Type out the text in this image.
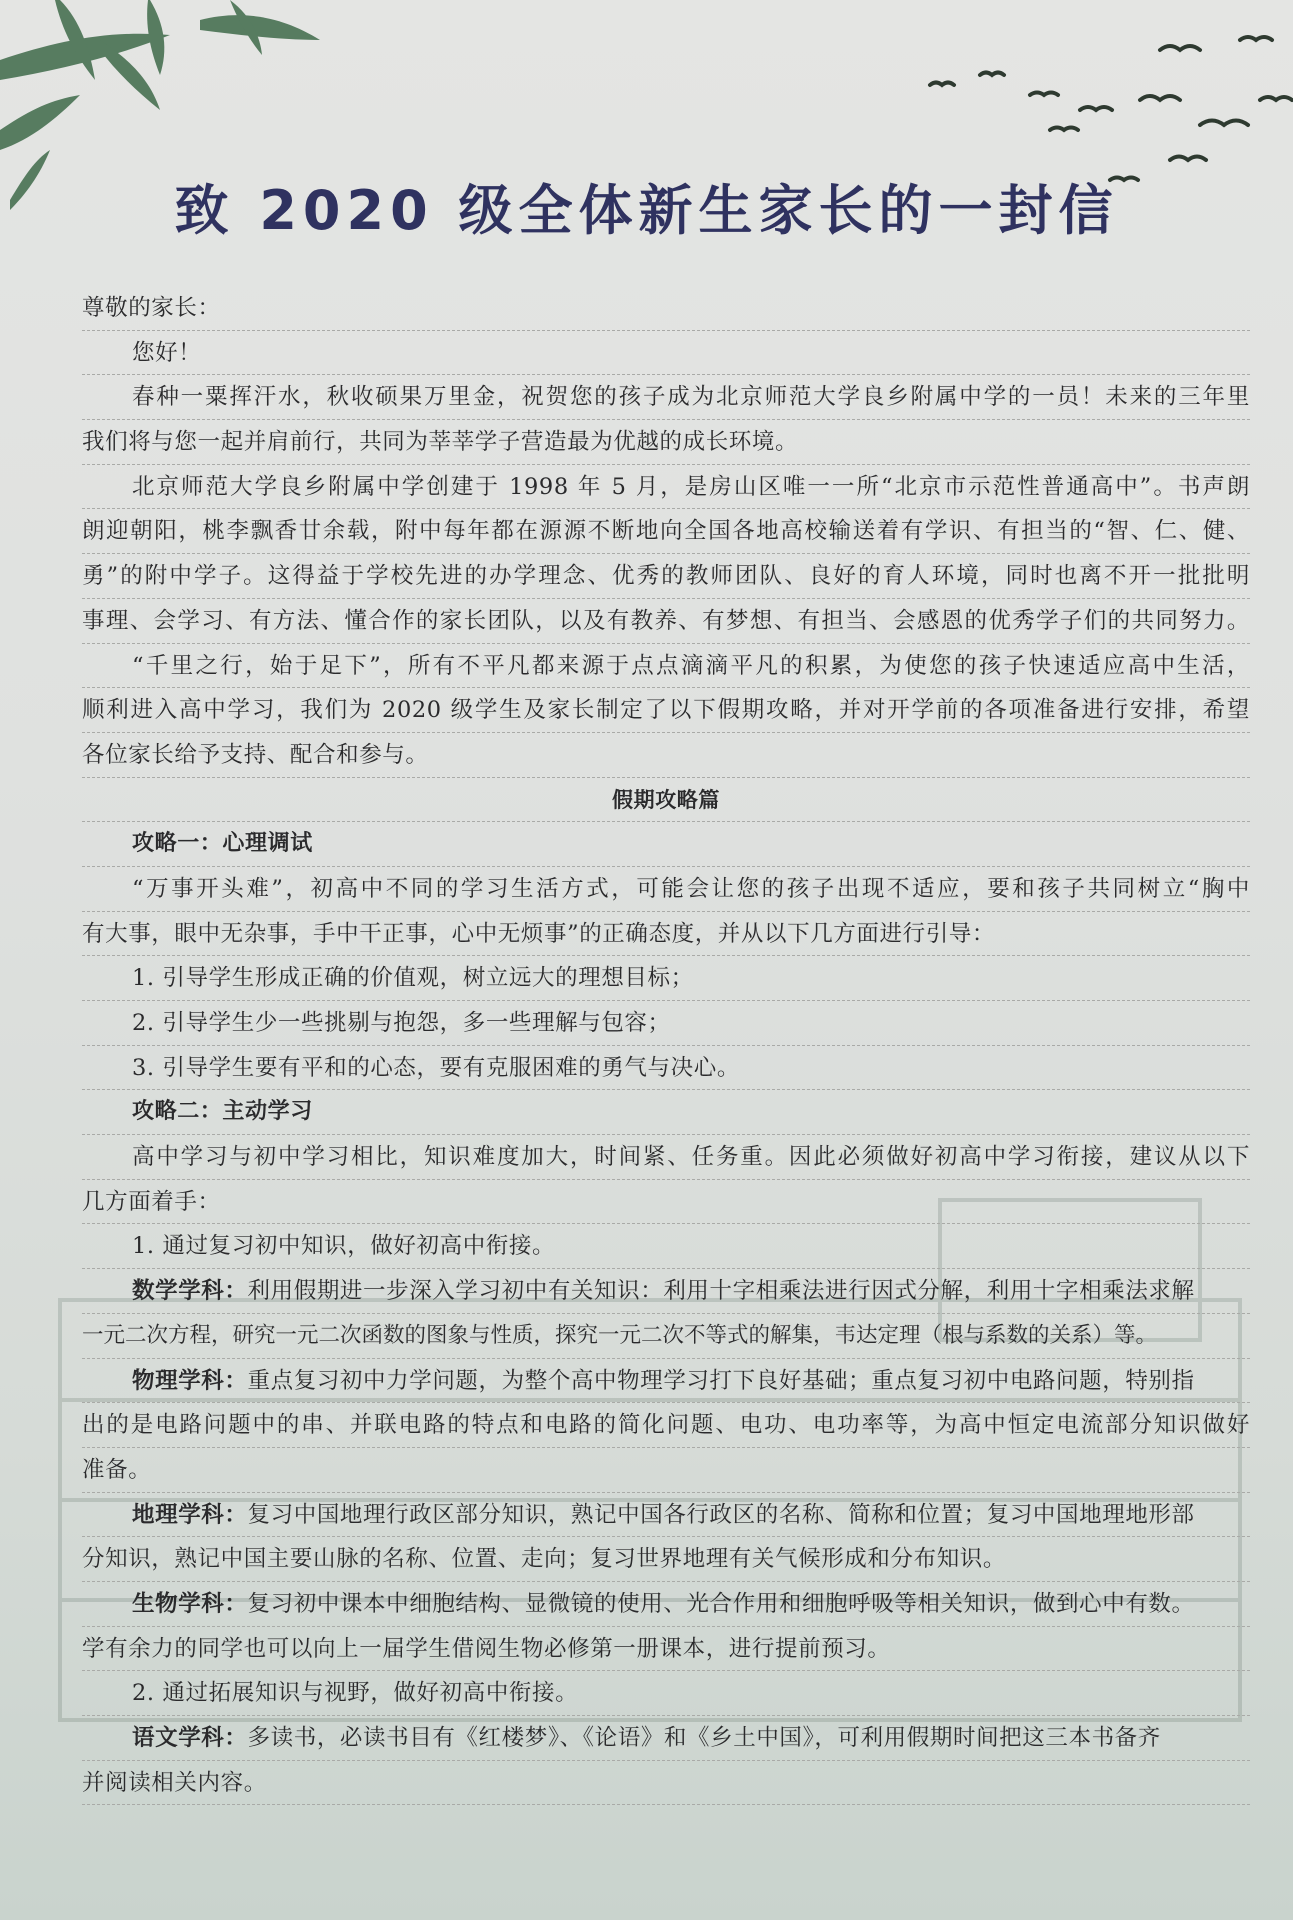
致 2020 级全体新生家长的一封信
尊敬的家长：
您好！
春种一粟挥汗水，秋收硕果万里金，祝贺您的孩子成为北京师范大学良乡附属中学的一员！未来的三年里
我们将与您一起并肩前行，共同为莘莘学子营造最为优越的成长环境。
北京师范大学良乡附属中学创建于 1998 年 5 月，是房山区唯一一所“北京市示范性普通高中”。书声朗
朗迎朝阳，桃李飘香廿余载，附中每年都在源源不断地向全国各地高校输送着有学识、有担当的“智、仁、健、
勇”的附中学子。这得益于学校先进的办学理念、优秀的教师团队、良好的育人环境，同时也离不开一批批明
事理、会学习、有方法、懂合作的家长团队，以及有教养、有梦想、有担当、会感恩的优秀学子们的共同努力。
“千里之行，始于足下”，所有不平凡都来源于点点滴滴平凡的积累，为使您的孩子快速适应高中生活，
顺利进入高中学习，我们为 2020 级学生及家长制定了以下假期攻略，并对开学前的各项准备进行安排，希望
各位家长给予支持、配合和参与。
假期攻略篇
攻略一：心理调试
“万事开头难”，初高中不同的学习生活方式，可能会让您的孩子出现不适应，要和孩子共同树立“胸中
有大事，眼中无杂事，手中干正事，心中无烦事”的正确态度，并从以下几方面进行引导：
1. 引导学生形成正确的价值观，树立远大的理想目标；
2. 引导学生少一些挑剔与抱怨，多一些理解与包容；
3. 引导学生要有平和的心态，要有克服困难的勇气与决心。
攻略二：主动学习
高中学习与初中学习相比，知识难度加大，时间紧、任务重。因此必须做好初高中学习衔接，建议从以下
几方面着手：
1. 通过复习初中知识，做好初高中衔接。
数学学科：利用假期进一步深入学习初中有关知识：利用十字相乘法进行因式分解，利用十字相乘法求解
一元二次方程，研究一元二次函数的图象与性质，探究一元二次不等式的解集，韦达定理（根与系数的关系）等。
物理学科：重点复习初中力学问题，为整个高中物理学习打下良好基础；重点复习初中电路问题，特别指
出的是电路问题中的串、并联电路的特点和电路的简化问题、电功、电功率等，为高中恒定电流部分知识做好
准备。
地理学科：复习中国地理行政区部分知识，熟记中国各行政区的名称、简称和位置；复习中国地理地形部
分知识，熟记中国主要山脉的名称、位置、走向；复习世界地理有关气候形成和分布知识。
生物学科：复习初中课本中细胞结构、显微镜的使用、光合作用和细胞呼吸等相关知识，做到心中有数。
学有余力的同学也可以向上一届学生借阅生物必修第一册课本，进行提前预习。
2. 通过拓展知识与视野，做好初高中衔接。
语文学科：多读书，必读书目有《红楼梦》、《论语》和《乡土中国》，可利用假期时间把这三本书备齐
并阅读相关内容。
